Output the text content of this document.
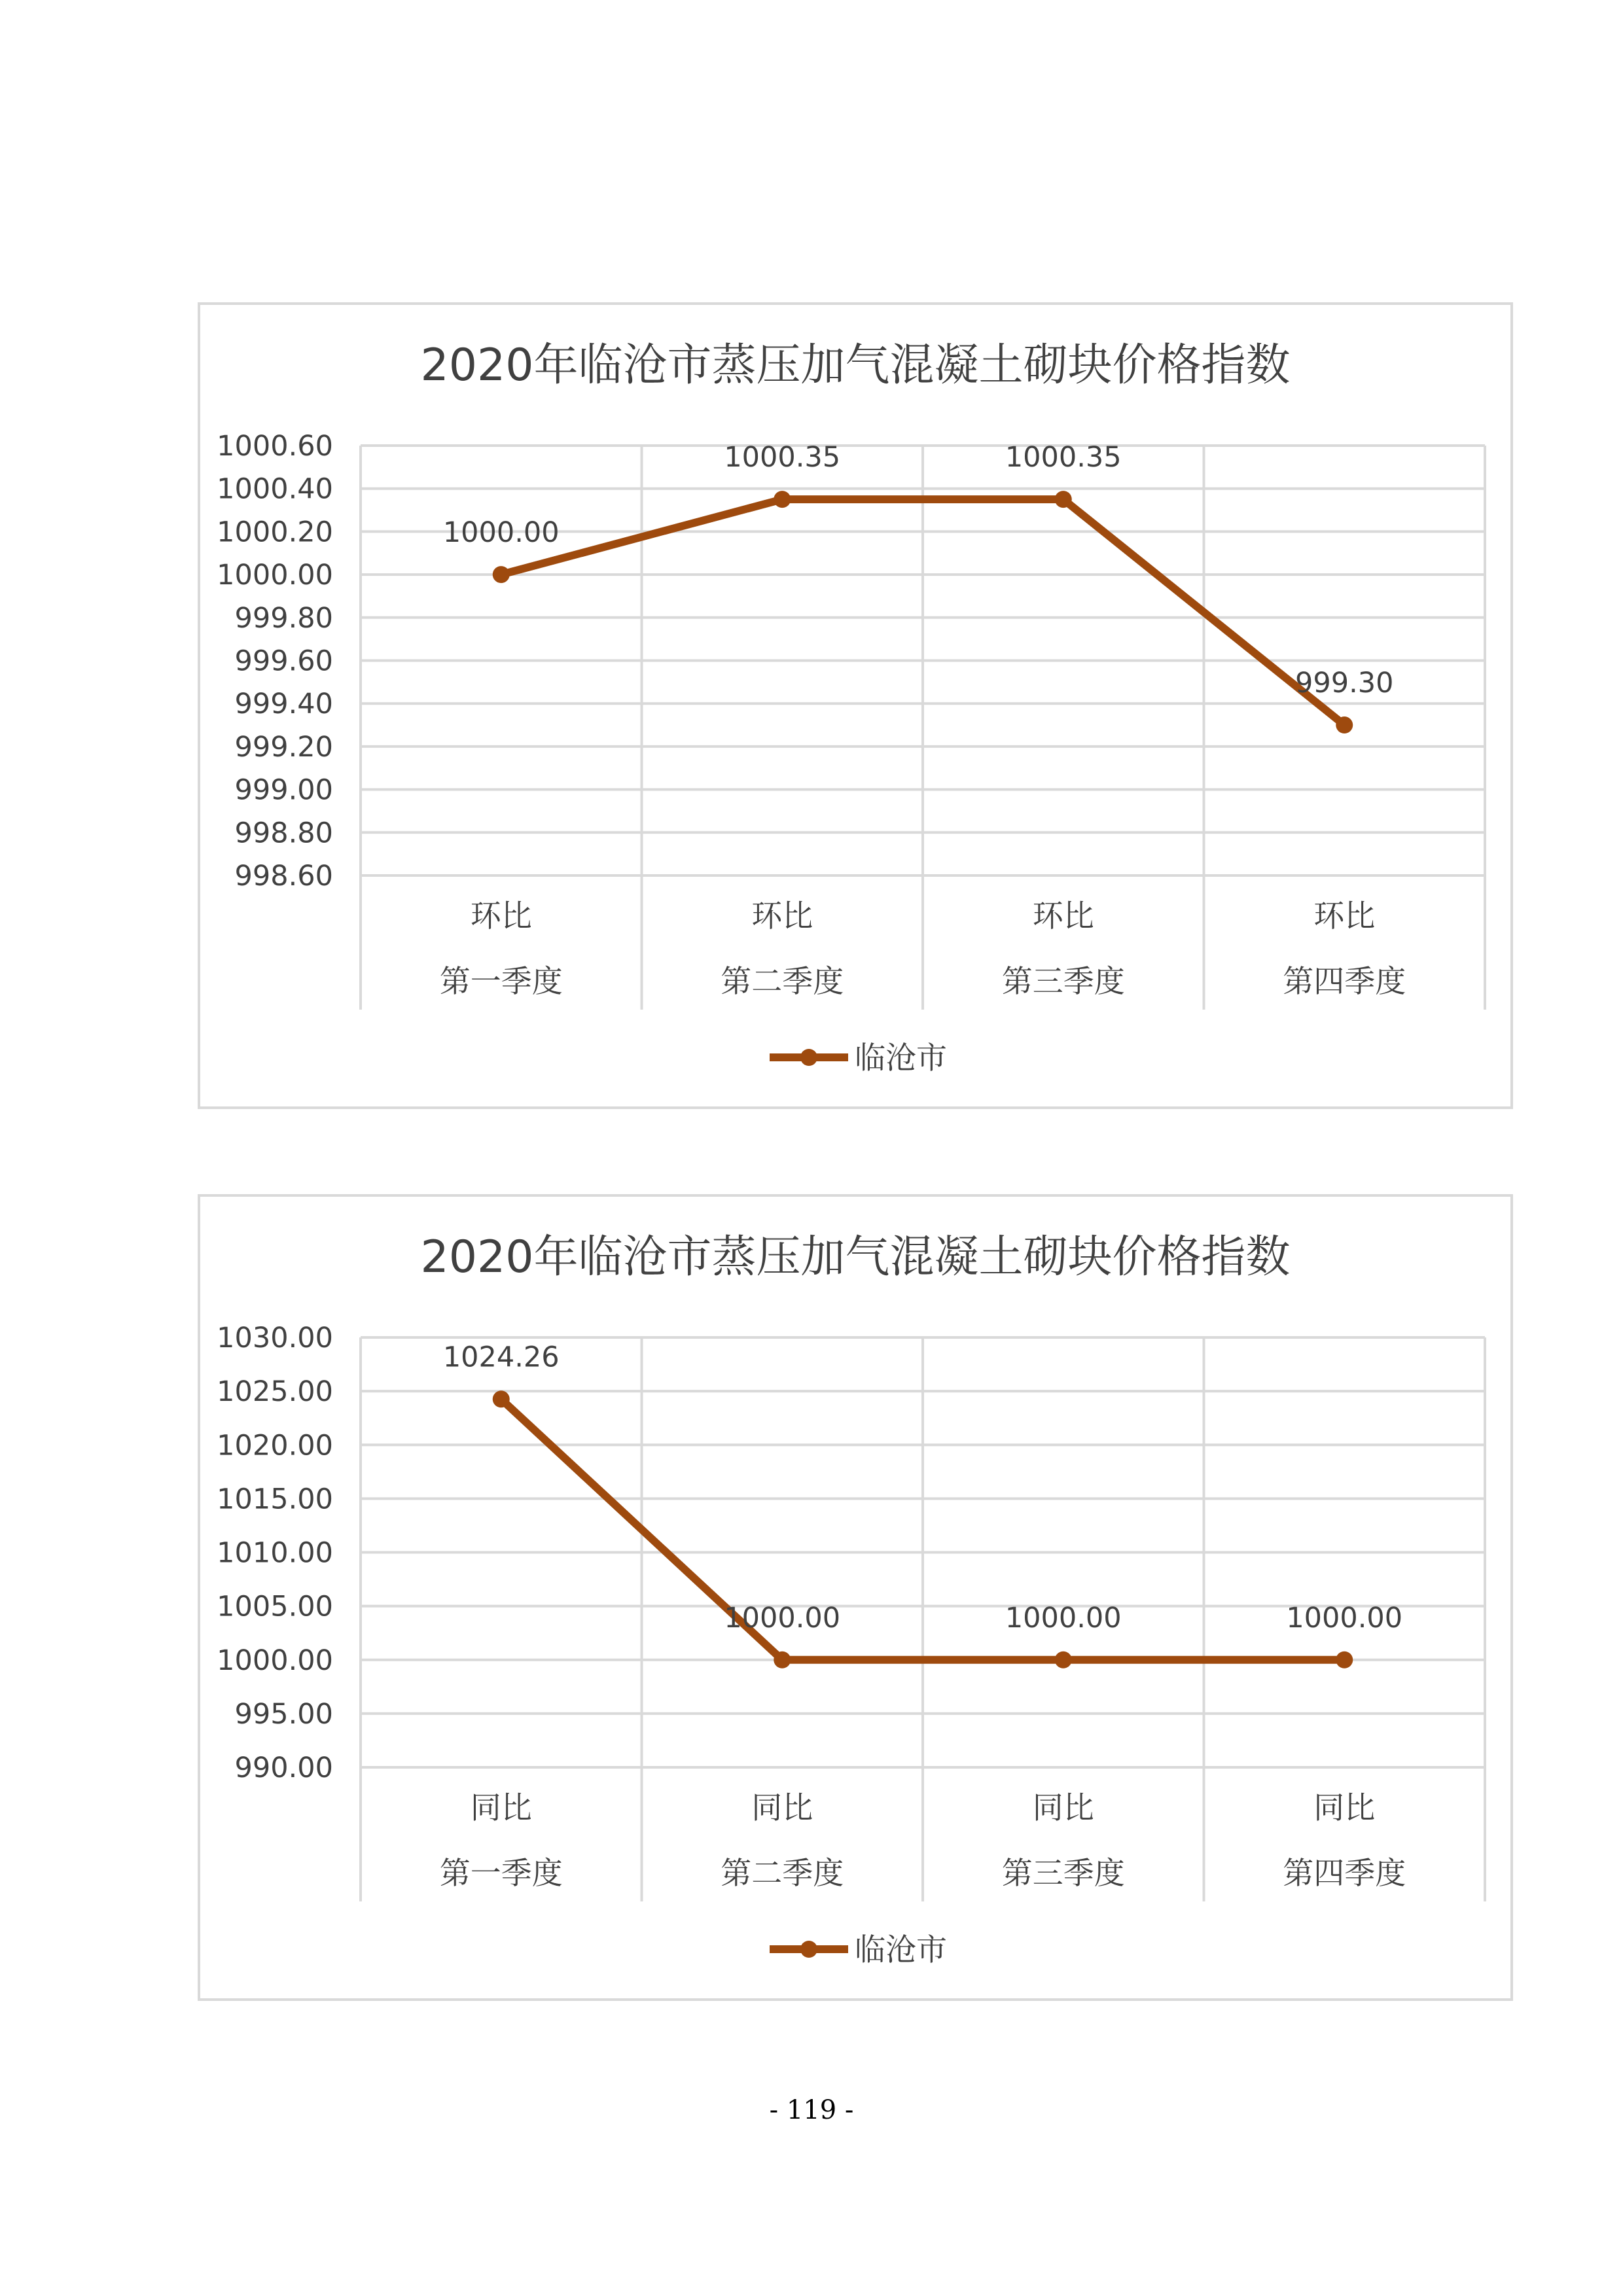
2020年临沧市蒸压加气混凝土砌块价格指数
1000.60
1000.40
1000.20
1000.00
999.80
999.60
999.40
999.20
999.00
998.80
998.60
环比
第一季度
环比
第二季度
环比
第三季度
环比
第四季度
1000.00
1000.35	1000.35
999.30
临沧市
2020年临沧市蒸压加气混凝土砌块价格指数
1030.00
1025.00
1020.00
1015.00
1010.00
1005.00
1000.00
995.00
990.00
同比
第一季度
同比
第二季度
同比
第三季度
同比
第四季度
1024.26
1000.00	1000.00	1000.00
临沧市
- 119 -
